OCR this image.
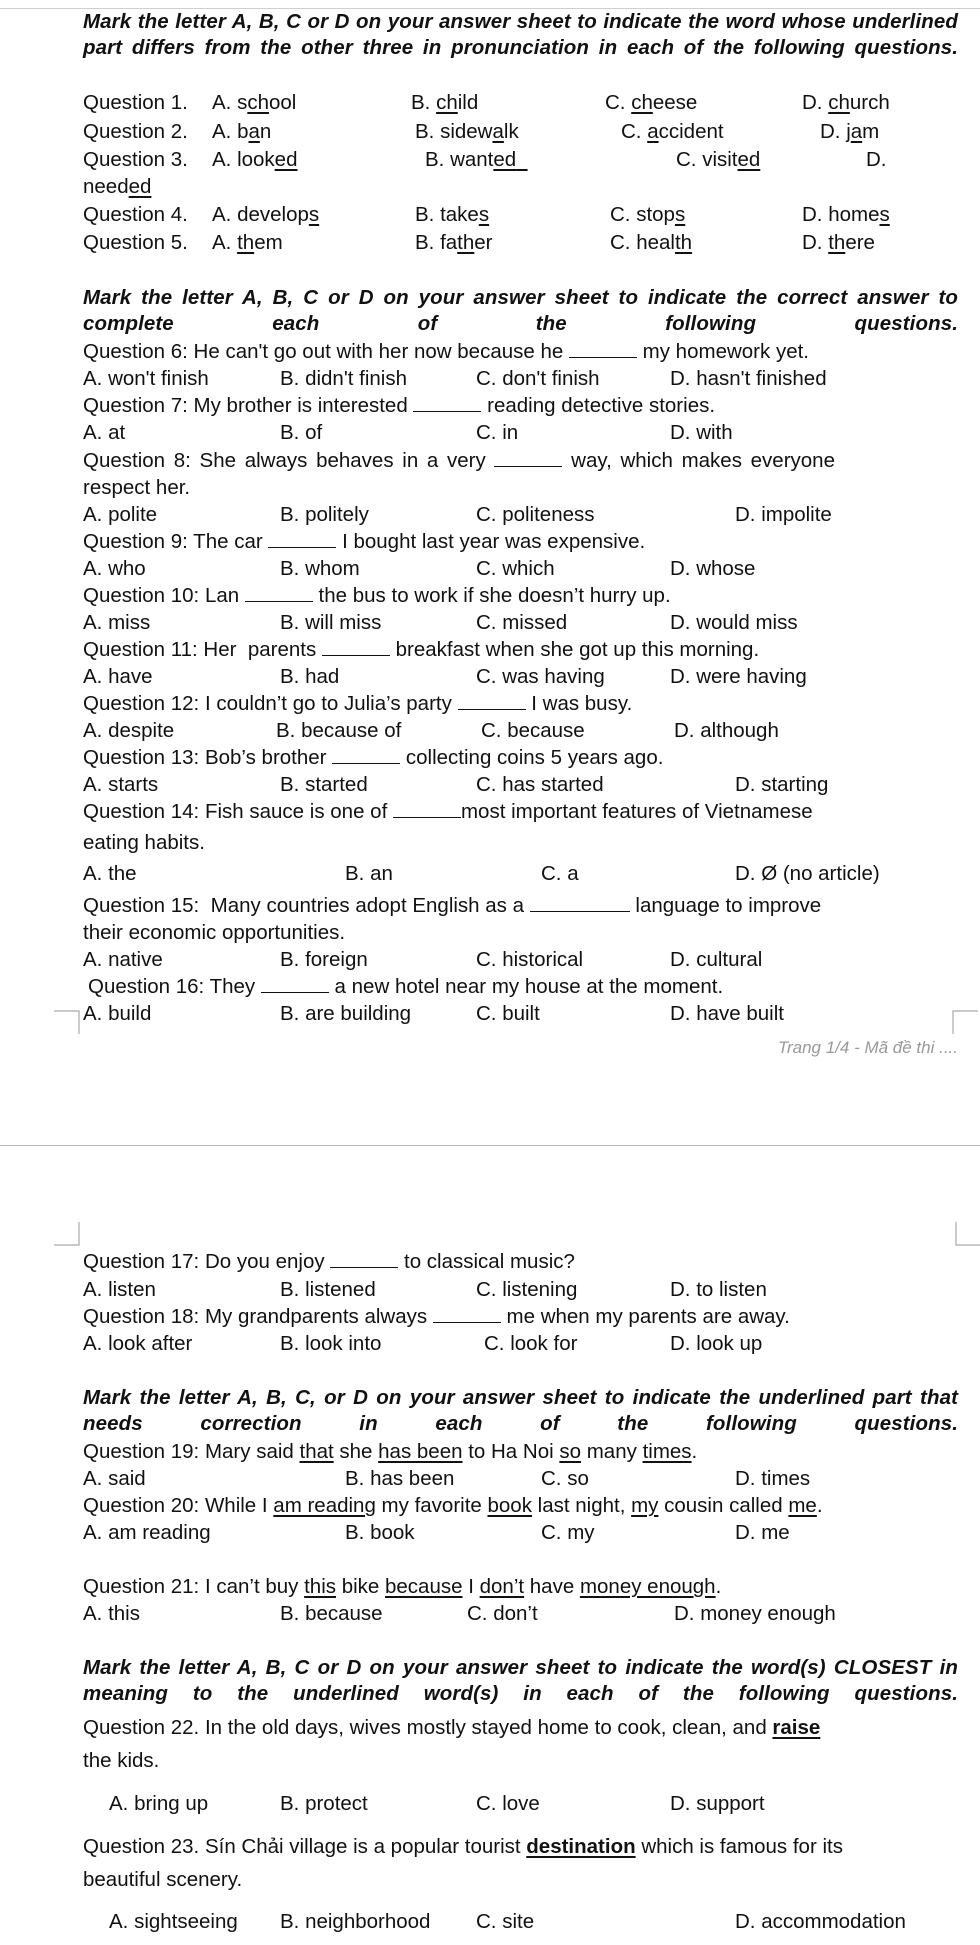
Mark the letter A, B, C or D on your answer sheet to indicate the word whose underlined part differs from the other three in pronunciation in each of the following questions.
Question 1. A. school	B. child	C. cheese	D. church
Question 2. A. ban	B. sidewalk	C. accident	D. jam
Question 3. A. looked	B. wanted	C. visited	D.
needed
Question 4. A. develops	B. takes	C. stops	D. homes
Question 5. A. them	B. father	C. health	D. there
Mark the letter A, B, C or D on your answer sheet to indicate the correct answer to complete each of the following questions.
Question 6: He can't go out with her now because he	my homework yet.
A. won't finish	B. didn't finish	C. don't finish	D. hasn't finished
Question 7: My brother is interested	reading detective stories.
A. at	B. of	C. in	D. with
Question 8: She always behaves in a very	way, which makes everyone
respect her.
A. polite	B. politely	C. politeness	D. impolite
Question 9: The car	I bought last year was expensive.
A. who	B. whom	C. which	D. whose
Question 10: Lan	the bus to work if she doesn’t hurry up.
A. miss	B. will miss	C. missed	D. would miss
Question 11: Her  parents	breakfast when she got up this morning.
A. have	B. had	C. was having	D. were having
Question 12: I couldn’t go to Julia’s party	I was busy.
A. despite	B. because of	C. because	D. although
Question 13: Bob’s brother	collecting coins 5 years ago.
A. starts	B. started	C. has started	D. starting
Question 14: Fish sauce is one of	most important features of Vietnamese
eating habits.
A. the	B. an	C. a	D. Ø (no article)
Question 15:  Many countries adopt English as a	language to improve
their economic opportunities.
A. native	B. foreign	C. historical	D. cultural
Question 16: They	a new hotel near my house at the moment.
A. build	B. are building	C. built	D. have built
Trang 1/4 - Mã đề thi ....
Question 17: Do you enjoy	to classical music?
A. listen	B. listened	C. listening	D. to listen
Question 18: My grandparents always	me when my parents are away.
A. look after	B. look into	C. look for	D. look up
Mark the letter A, B, C, or D on your answer sheet to indicate the underlined part that needs correction in each of the following questions.
Question 19: Mary said that she has been to Ha Noi so many times.
A. said	B. has been	C. so	D. times
Question 20: While I am reading my favorite book last night, my cousin called me.
A. am reading	B. book	C. my	D. me
Question 21: I can’t buy this bike because I don’t have money enough.
A. this	B. because	C. don’t	D. money enough
Mark the letter A, B, C or D on your answer sheet to indicate the word(s) CLOSEST in meaning to the underlined word(s) in each of the following questions.
Question 22. In the old days, wives mostly stayed home to cook, clean, and raise
the kids.
A. bring up	B. protect	C. love	D. support
Question 23. Sín Chải village is a popular tourist destination which is famous for its
beautiful scenery.
A. sightseeing B. neighborhood C. site	D. accommodation
